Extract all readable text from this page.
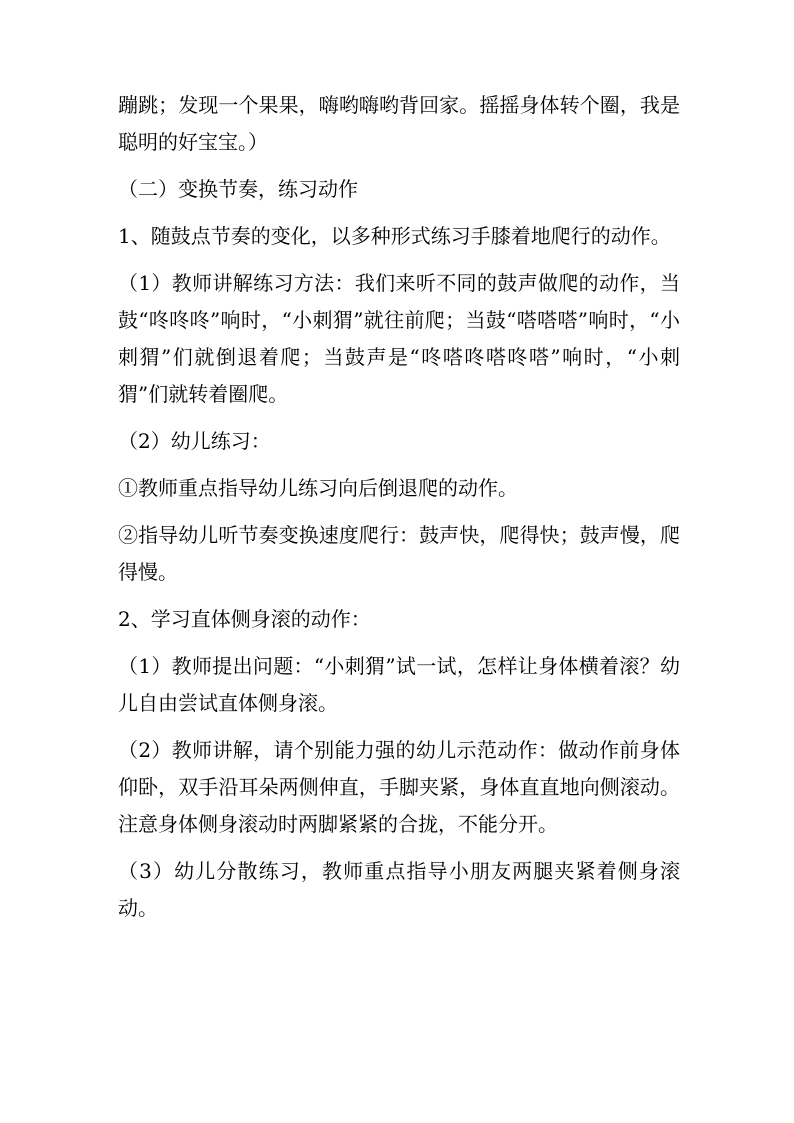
蹦跳；发现一个果果，嗨哟嗨哟背回家。摇摇身体转个圈，我是聪明的好宝宝。）

（二）变换节奏，练习动作

1、随鼓点节奏的变化，以多种形式练习手膝着地爬行的动作。

（1）教师讲解练习方法：我们来听不同的鼓声做爬的动作，当鼓“咚咚咚”响时，“小刺猬”就往前爬；当鼓“嗒嗒嗒”响时，“小刺猬”们就倒退着爬；当鼓声是“咚嗒咚嗒咚嗒”响时，“小刺猬”们就转着圈爬。

（2）幼儿练习：

①教师重点指导幼儿练习向后倒退爬的动作。

②指导幼儿听节奏变换速度爬行：鼓声快，爬得快；鼓声慢，爬得慢。

2、学习直体侧身滚的动作：

（1）教师提出问题：“小刺猬”试一试，怎样让身体横着滚？幼儿自由尝试直体侧身滚。

（2）教师讲解，请个别能力强的幼儿示范动作：做动作前身体仰卧，双手沿耳朵两侧伸直，手脚夹紧，身体直直地向侧滚动。注意身体侧身滚动时两脚紧紧的合拢，不能分开。

（3）幼儿分散练习，教师重点指导小朋友两腿夹紧着侧身滚动。
